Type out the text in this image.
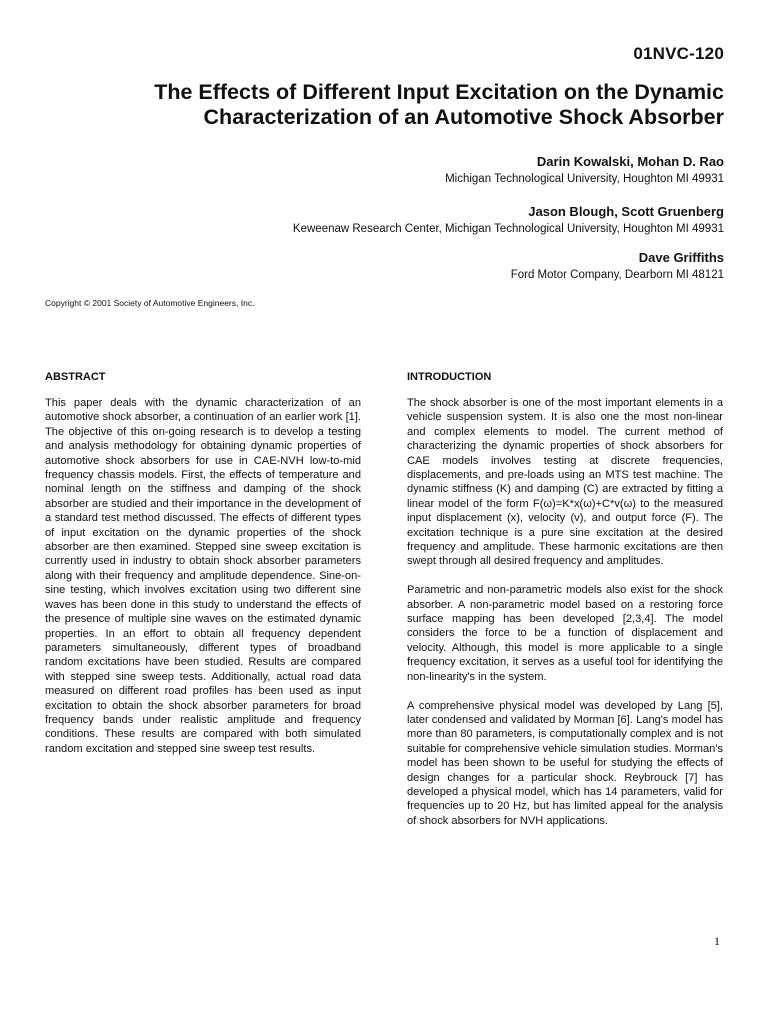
01NVC-120
The Effects of Different Input Excitation on the Dynamic
Characterization of an Automotive Shock Absorber
Darin Kowalski, Mohan D. Rao
Michigan Technological University, Houghton MI 49931
Jason Blough, Scott Gruenberg
Keweenaw Research Center, Michigan Technological University, Houghton MI 49931
Dave Griffiths
Ford Motor Company, Dearborn MI 48121
Copyright © 2001 Society of Automotive Engineers, Inc.
ABSTRACT

This paper deals with the dynamic characterization of an automotive shock absorber, a continuation of an earlier work [1]. The objective of this on-going research is to develop a testing and analysis methodology for obtaining dynamic properties of automotive shock absorbers for use in CAE-NVH low-to-mid frequency chassis models. First, the effects of temperature and nominal length on the stiffness and damping of the shock absorber are studied and their importance in the development of a standard test method discussed. The effects of different types of input excitation on the dynamic properties of the shock absorber are then examined. Stepped sine sweep excitation is currently used in industry to obtain shock absorber parameters along with their frequency and amplitude dependence. Sine-on-sine testing, which involves excitation using two different sine waves has been done in this study to understand the effects of the presence of multiple sine waves on the estimated dynamic properties. In an effort to obtain all frequency dependent parameters simultaneously, different types of broadband random excitations have been studied. Results are compared with stepped sine sweep tests. Additionally, actual road data measured on different road profiles has been used as input excitation to obtain the shock absorber parameters for broad frequency bands under realistic amplitude and frequency conditions. These results are compared with both simulated random excitation and stepped sine sweep test results.

INTRODUCTION

The shock absorber is one of the most important elements in a vehicle suspension system. It is also one the most non-linear and complex elements to model. The current method of characterizing the dynamic properties of shock absorbers for CAE models involves testing at discrete frequencies, displacements, and pre-loads using an MTS test machine. The dynamic stiffness (K) and damping (C) are extracted by fitting a linear model of the form F(ω)=K*x(ω)+C*v(ω) to the measured input displacement (x), velocity (v), and output force (F). The excitation technique is a pure sine excitation at the desired frequency and amplitude. These harmonic excitations are then swept through all desired frequency and amplitudes.

Parametric and non-parametric models also exist for the shock absorber. A non-parametric model based on a restoring force surface mapping has been developed [2,3,4]. The model considers the force to be a function of displacement and velocity. Although, this model is more applicable to a single frequency excitation, it serves as a useful tool for identifying the non-linearity's in the system.

A comprehensive physical model was developed by Lang [5], later condensed and validated by Morman [6]. Lang's model has more than 80 parameters, is computationally complex and is not suitable for comprehensive vehicle simulation studies. Morman's model has been shown to be useful for studying the effects of design changes for a particular shock. Reybrouck [7] has developed a physical model, which has 14 parameters, valid for frequencies up to 20 Hz, but has limited appeal for the analysis of shock absorbers for NVH applications.

1
